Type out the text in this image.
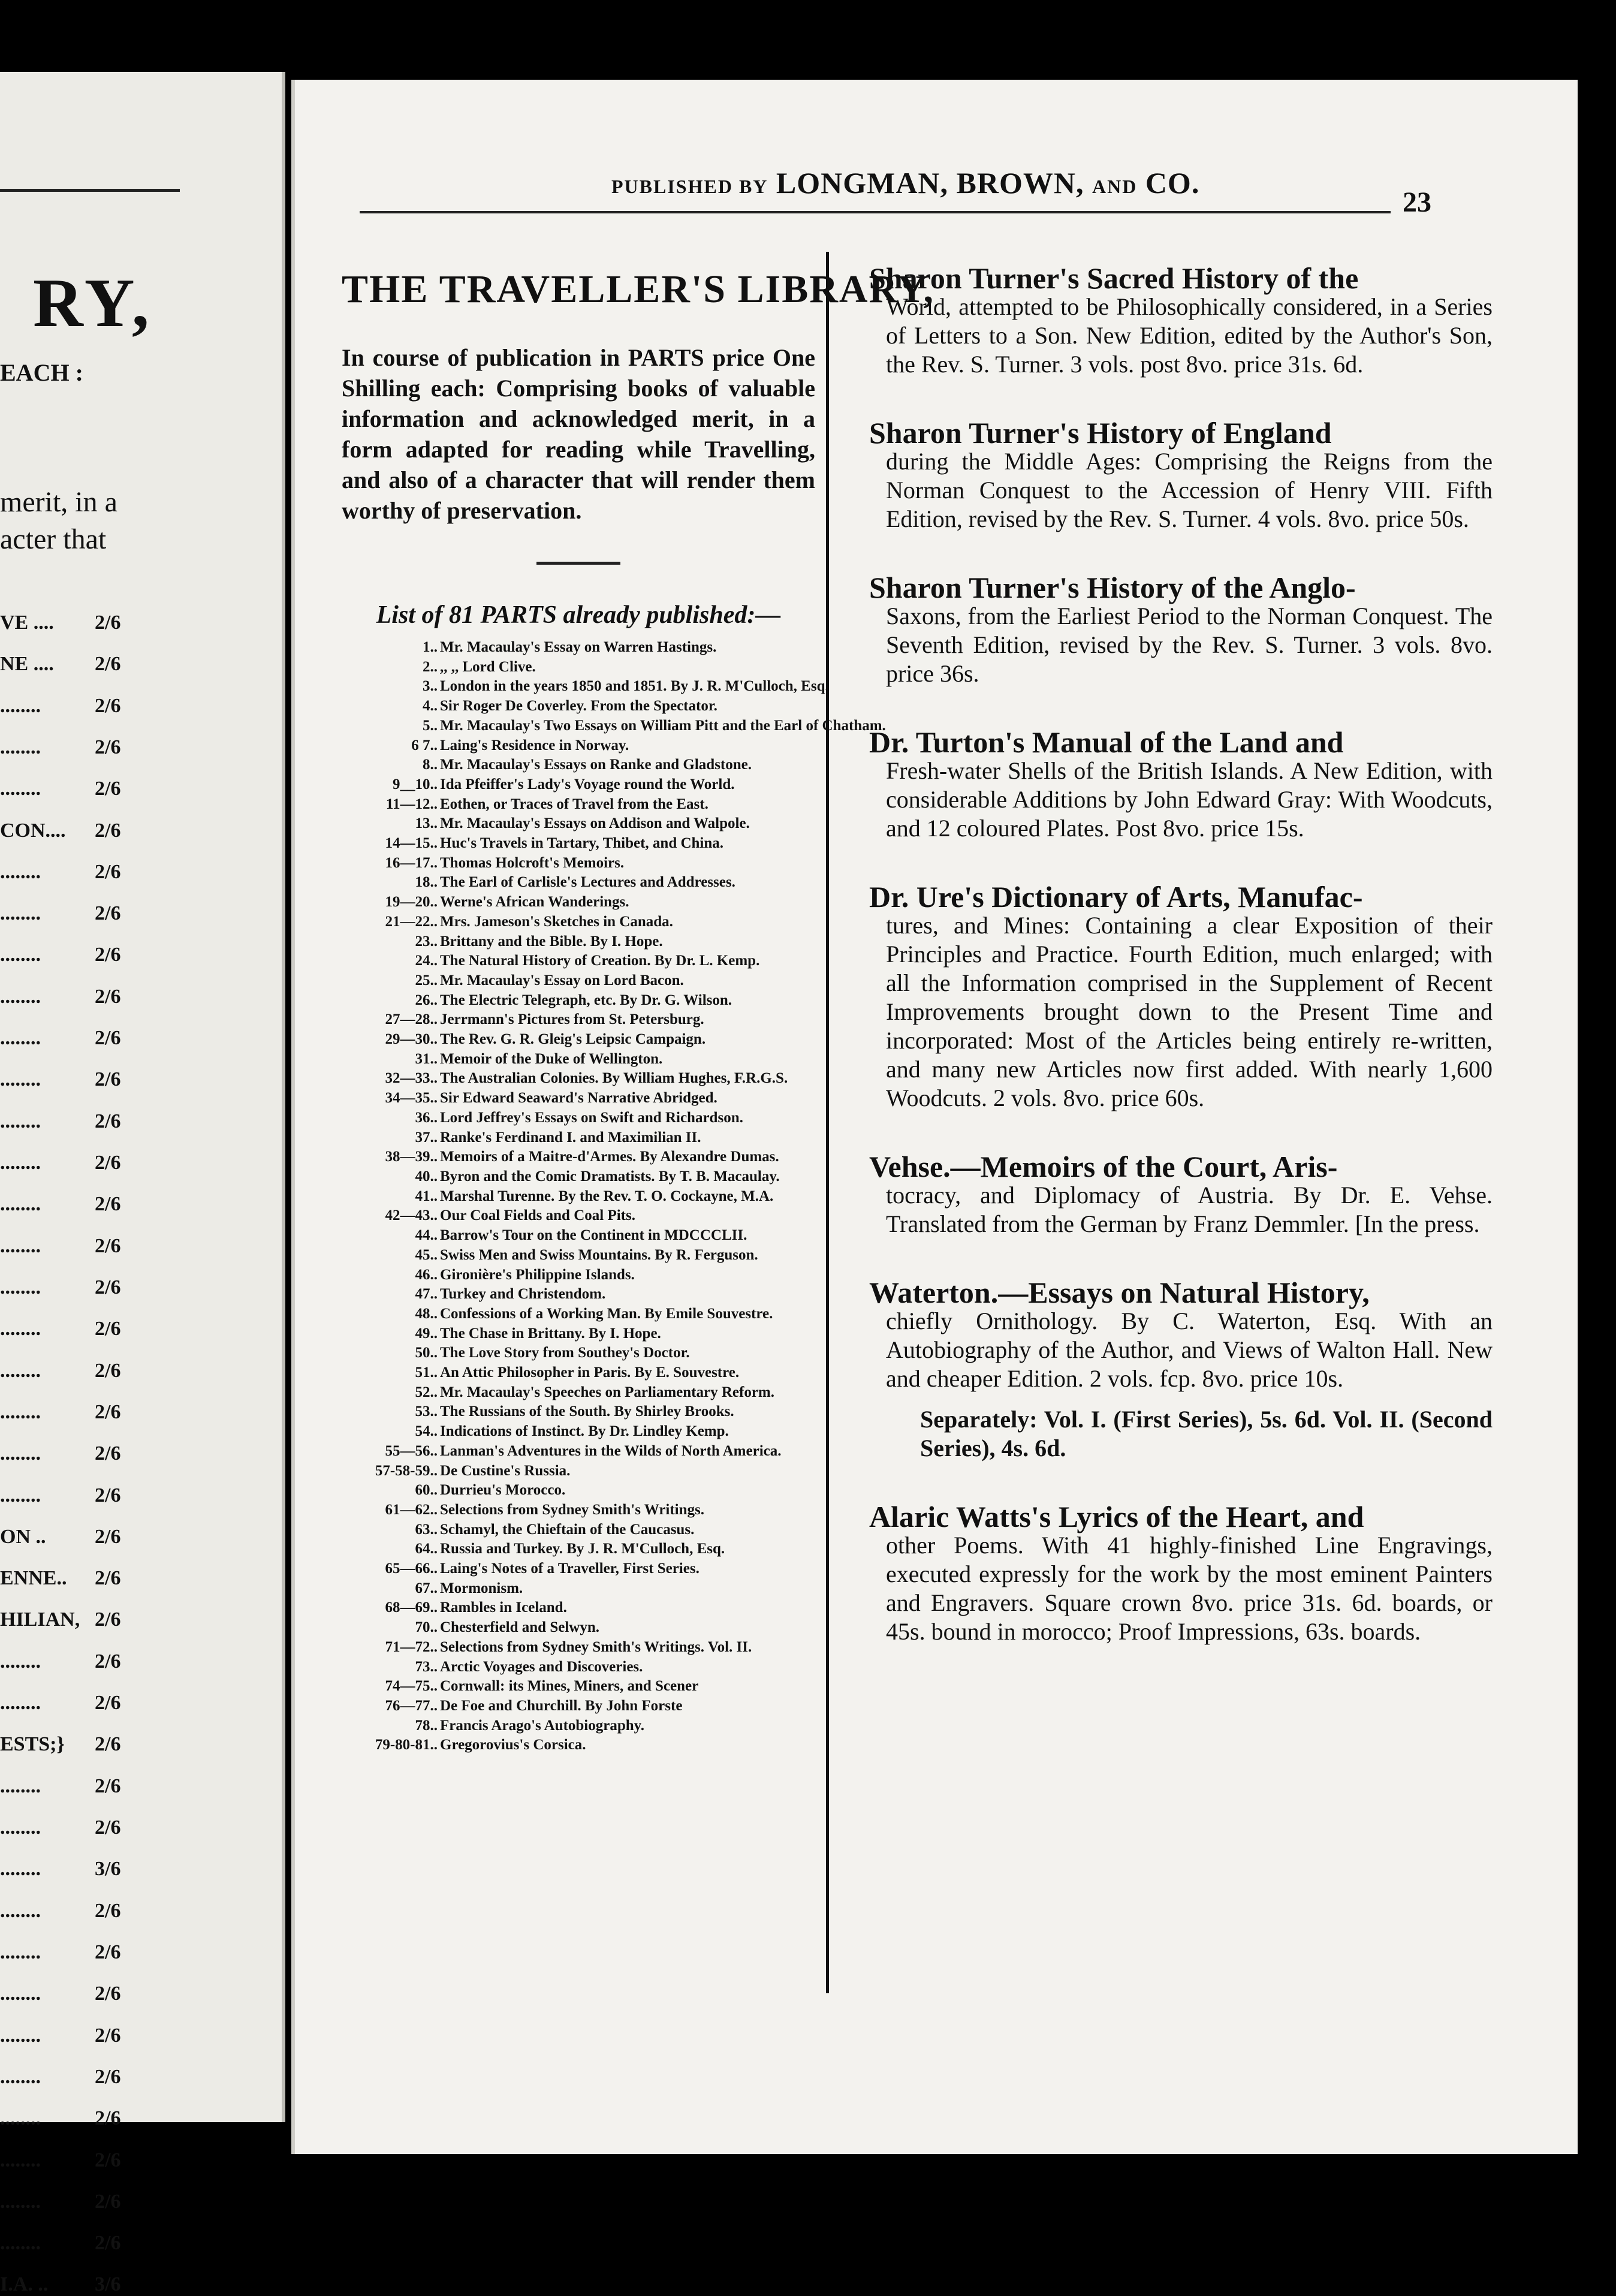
RY,
EACH :
merit, in a
acter that
VE ....	2/6
NE ....	2/6
........	2/6
........	2/6
........	2/6
CON....	2/6
........	2/6
........	2/6
........	2/6
........	2/6
........	2/6
........	2/6
........	2/6
........	2/6
........	2/6
........	2/6
........	2/6
........	2/6
........	2/6
........	2/6
........	2/6
........	2/6
ON ..	2/6
ENNE..	2/6
HILIAN, 2/6
........	2/6
........	2/6
ESTS;}	2/6
........	2/6
........	2/6
........	3/6
........	2/6
........	2/6
........	2/6
........	2/6
........	2/6
........	2/6
........	2/6
........	2/6
........	2/6
I.A. ..	3/6
PUBLISHED BY LONGMAN, BROWN, AND CO.
23
THE TRAVELLER'S LIBRARY,
In course of publication in PARTS price One Shilling each: Comprising books of valuable information and acknowledged merit, in a form adapted for reading while Travelling, and also of a character that will render them worthy of preservation.
List of 81 PARTS already published:—
1.. Mr. Macaulay's Essay on Warren Hastings.
2.. ,, ,, Lord Clive.
3.. London in the years 1850 and 1851. By J. R. M'Culloch, Esq.
4.. Sir Roger De Coverley. From the Spectator.
5.. Mr. Macaulay's Two Essays on William Pitt and the Earl of Chatham.
6 7.. Laing's Residence in Norway.
8.. Mr. Macaulay's Essays on Ranke and Gladstone.
9__10.. Ida Pfeiffer's Lady's Voyage round the World.
11—12.. Eothen, or Traces of Travel from the East.
13.. Mr. Macaulay's Essays on Addison and Walpole.
14—15.. Huc's Travels in Tartary, Thibet, and China.
16—17.. Thomas Holcroft's Memoirs.
18.. The Earl of Carlisle's Lectures and Addresses.
19—20.. Werne's African Wanderings.
21—22.. Mrs. Jameson's Sketches in Canada.
23.. Brittany and the Bible. By I. Hope.
24.. The Natural History of Creation. By Dr. L. Kemp.
25.. Mr. Macaulay's Essay on Lord Bacon.
26.. The Electric Telegraph, etc. By Dr. G. Wilson.
27—28.. Jerrmann's Pictures from St. Petersburg.
29—30.. The Rev. G. R. Gleig's Leipsic Campaign.
31.. Memoir of the Duke of Wellington.
32—33.. The Australian Colonies. By William Hughes, F.R.G.S.
34—35.. Sir Edward Seaward's Narrative Abridged.
36.. Lord Jeffrey's Essays on Swift and Richardson.
37.. Ranke's Ferdinand I. and Maximilian II.
38—39.. Memoirs of a Maitre-d'Armes. By Alexandre Dumas.
40.. Byron and the Comic Dramatists. By T. B. Macaulay.
41.. Marshal Turenne. By the Rev. T. O. Cockayne, M.A.
42—43.. Our Coal Fields and Coal Pits.
44.. Barrow's Tour on the Continent in MDCCCLII.
45.. Swiss Men and Swiss Mountains. By R. Ferguson.
46.. Gironière's Philippine Islands.
47.. Turkey and Christendom.
48.. Confessions of a Working Man. By Emile Souvestre.
49.. The Chase in Brittany. By I. Hope.
50.. The Love Story from Southey's Doctor.
51.. An Attic Philosopher in Paris. By E. Souvestre.
52.. Mr. Macaulay's Speeches on Parliamentary Reform.
53.. The Russians of the South. By Shirley Brooks.
54.. Indications of Instinct. By Dr. Lindley Kemp.
55—56.. Lanman's Adventures in the Wilds of North America.
57-58-59.. De Custine's Russia.
60.. Durrieu's Morocco.
61—62.. Selections from Sydney Smith's Writings.
63.. Schamyl, the Chieftain of the Caucasus.
64.. Russia and Turkey. By J. R. M'Culloch, Esq.
65—66.. Laing's Notes of a Traveller, First Series.
67.. Mormonism.
68—69.. Rambles in Iceland.
70.. Chesterfield and Selwyn.
71—72.. Selections from Sydney Smith's Writings. Vol. II.
73.. Arctic Voyages and Discoveries.
74—75.. Cornwall: its Mines, Miners, and Scener
76—77.. De Foe and Churchill. By John Forste
78.. Francis Arago's Autobiography.
79-80-81.. Gregorovius's Corsica.
Sharon Turner's Sacred History of the
World, attempted to be Philosophically considered, in a Series of Letters to a Son. New Edition, edited by the Author's Son, the Rev. S. Turner. 3 vols. post 8vo. price 31s. 6d.
Sharon Turner's History of England
during the Middle Ages: Comprising the Reigns from the Norman Conquest to the Accession of Henry VIII. Fifth Edition, revised by the Rev. S. Turner. 4 vols. 8vo. price 50s.
Sharon Turner's History of the Anglo-
Saxons, from the Earliest Period to the Norman Conquest. The Seventh Edition, revised by the Rev. S. Turner. 3 vols. 8vo. price 36s.
Dr. Turton's Manual of the Land and
Fresh-water Shells of the British Islands. A New Edition, with considerable Additions by John Edward Gray: With Woodcuts, and 12 coloured Plates. Post 8vo. price 15s.
Dr. Ure's Dictionary of Arts, Manufac-
tures, and Mines: Containing a clear Exposition of their Principles and Practice. Fourth Edition, much enlarged; with all the Information comprised in the Supplement of Recent Improvements brought down to the Present Time and incorporated: Most of the Articles being entirely re-written, and many new Articles now first added. With nearly 1,600 Woodcuts. 2 vols. 8vo. price 60s.
Vehse.—Memoirs of the Court, Aris-
tocracy, and Diplomacy of Austria. By Dr. E. Vehse. Translated from the German by Franz Demmler. [In the press.
Waterton.—Essays on Natural History,
chiefly Ornithology. By C. Waterton, Esq. With an Autobiography of the Author, and Views of Walton Hall. New and cheaper Edition. 2 vols. fcp. 8vo. price 10s.
Separately: Vol. I. (First Series), 5s. 6d. Vol. II. (Second Series), 4s. 6d.
Alaric Watts's Lyrics of the Heart, and
other Poems. With 41 highly-finished Line Engravings, executed expressly for the work by the most eminent Painters and Engravers. Square crown 8vo. price 31s. 6d. boards, or 45s. bound in morocco; Proof Impressions, 63s. boards.
